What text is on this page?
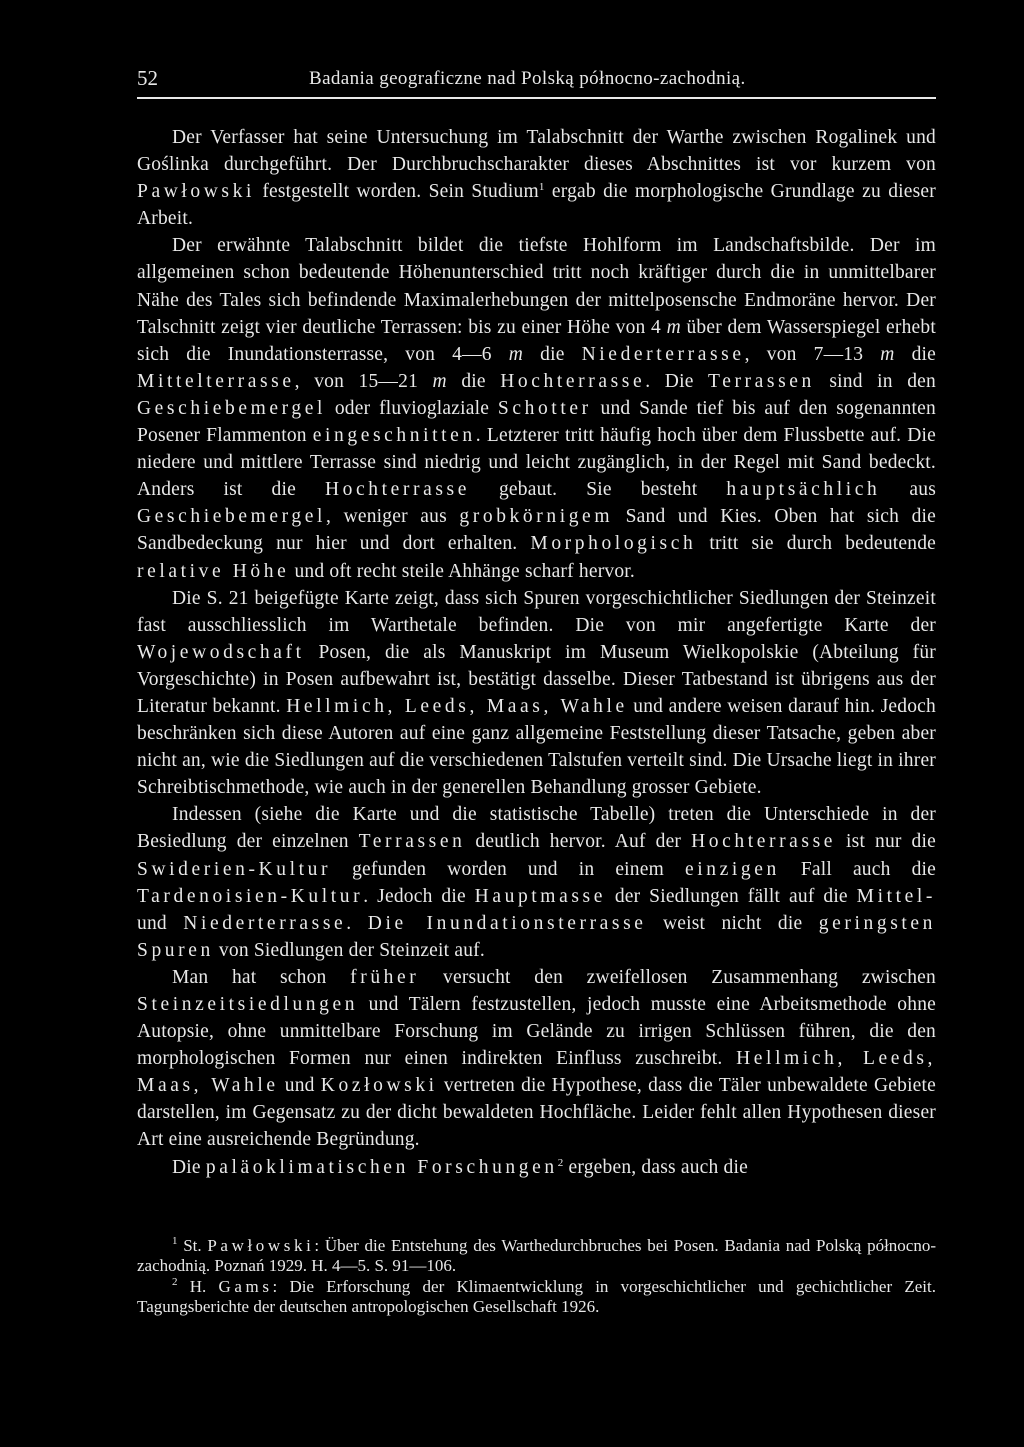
52	Badania geograficzne nad Polską północno-zachodnią.

Der Verfasser hat seine Untersuchung im Talabschnitt der Warthe zwischen Rogalinek und Goślinka durchgeführt. Der Durchbruchscharakter dieses Abschnittes ist vor kurzem von Pawłowski festgestellt worden. Sein Studium$^1$ ergab die morphologische Grundlage zu dieser Arbeit.

Der erwähnte Talabschnitt bildet die tiefste Hohlform im Landschaftsbilde. Der im allgemeinen schon bedeutende Höhenunterschied tritt noch kräftiger durch die in unmittelbarer Nähe des Tales sich befindende Maximalerhebungen der mittelposensche Endmoräne hervor. Der Talschnitt zeigt vier deutliche Terrassen: bis zu einer Höhe von 4 m über dem Wasserspiegel erhebt sich die Inundationsterrasse, von 4—6 m die Niederterrasse, von 7—13 m die Mittelterrasse, von 15—21 m die Hochterrasse. Die Terrassen sind in den Geschiebemergel oder fluvioglaziale Schotter und Sande tief bis auf den sogenannten Posener Flammenton eingeschnitten. Letzterer tritt häufig hoch über dem Flussbette auf. Die niedere und mittlere Terrasse sind niedrig und leicht zugänglich, in der Regel mit Sand bedeckt. Anders ist die Hochterrasse gebaut. Sie besteht hauptsächlich aus Geschiebemergel, weniger aus grobkörnigem Sand und Kies. Oben hat sich die Sandbedeckung nur hier und dort erhalten. Morphologisch tritt sie durch bedeutende relative Höhe und oft recht steile Ahhänge scharf hervor.

Die S. 21 beigefügte Karte zeigt, dass sich Spuren vorgeschichtlicher Siedlungen der Steinzeit fast ausschliesslich im Warthetale befinden. Die von mir angefertigte Karte der Wojewodschaft Posen, die als Manuskript im Museum Wielkopolskie (Abteilung für Vorgeschichte) in Posen aufbewahrt ist, bestätigt dasselbe. Dieser Tatbestand ist übrigens aus der Literatur bekannt. Hellmich, Leeds, Maas, Wahle und andere weisen darauf hin. Jedoch beschränken sich diese Autoren auf eine ganz allgemeine Feststellung dieser Tatsache, geben aber nicht an, wie die Siedlungen auf die verschiedenen Talstufen verteilt sind. Die Ursache liegt in ihrer Schreibtischmethode, wie auch in der generellen Behandlung grosser Gebiete.

Indessen (siehe die Karte und die statistische Tabelle) treten die Unterschiede in der Besiedlung der einzelnen Terrassen deutlich hervor. Auf der Hochterrasse ist nur die Swiderien-Kultur gefunden worden und in einem einzigen Fall auch die Tardenoisien-Kultur. Jedoch die Hauptmasse der Siedlungen fällt auf die Mittel- und Niederterrasse. Die Inundationsterrasse weist nicht die geringsten Spuren von Siedlungen der Steinzeit auf.

Man hat schon früher versucht den zweifellosen Zusammenhang zwischen Steinzeitsiedlungen und Tälern festzustellen, jedoch musste eine Arbeitsmethode ohne Autopsie, ohne unmittelbare Forschung im Gelände zu irrigen Schlüssen führen, die den morphologischen Formen nur einen indirekten Einfluss zuschreibt. Hellmich, Leeds, Maas, Wahle und Kozłowski vertreten die Hypothese, dass die Täler unbewaldete Gebiete darstellen, im Gegensatz zu der dicht bewaldeten Hochfläche. Leider fehlt allen Hypothesen dieser Art eine ausreichende Begründung.

Die paläoklimatischen Forschungen$^2$ ergeben, dass auch die

$^1$ St. Pawłowski: Über die Entstehung des Warthedurchbruches bei Posen. Badania nad Polską północno-zachodnią. Poznań 1929. H. 4—5. S. 91—106.

$^2$ H. Gams: Die Erforschung der Klimaentwicklung in vorgeschichtlicher und gechichtlicher Zeit. Tagungsberichte der deutschen antropologischen Gesellschaft 1926.
